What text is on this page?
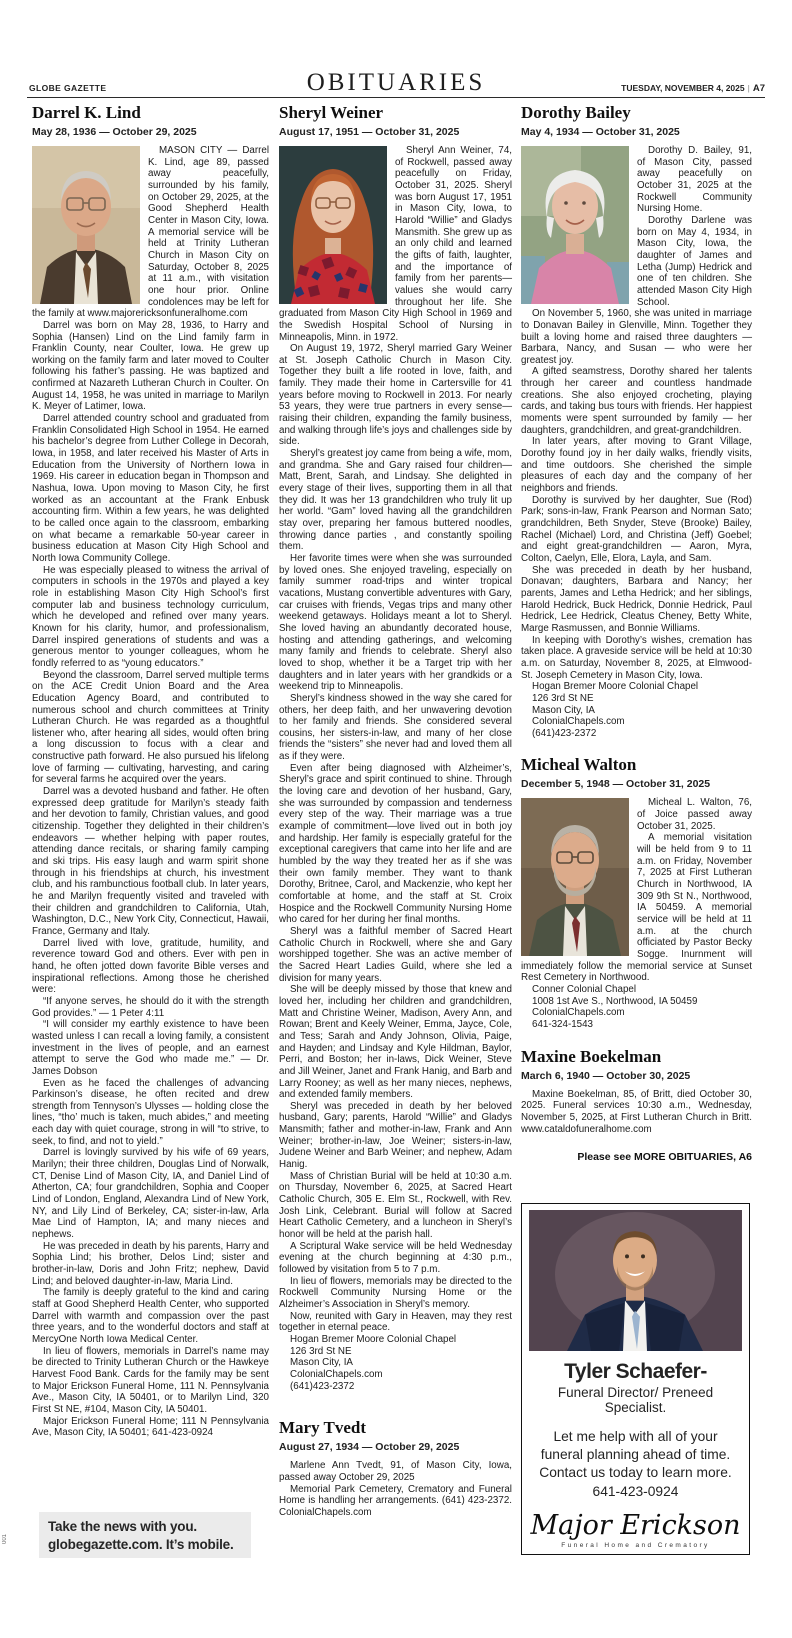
GLOBE GAZETTE	OBITUARIES	TUESDAY, NOVEMBER 4, 2025 | A7
Darrel K. Lind
May 28, 1936 — October 29, 2025

MASON CITY — Darrel K. Lind, age 89, passed away peacefully, surrounded by his family, on October 29, 2025, at the Good Shepherd Health Center in Mason City, Iowa. A memorial service will be held at Trinity Lutheran Church in Mason City on Saturday, October 8, 2025 at 11 a.m., with visitation one hour prior. Online condolences may be left for the family at www.majorericksonfuneralhome.com

Darrel was born on May 28, 1936, to Harry and Sophia (Hansen) Lind on the Lind family farm in Franklin County, near Coulter, Iowa. He grew up working on the family farm and later moved to Coulter following his father’s passing. He was baptized and confirmed at Nazareth Lutheran Church in Coulter. On August 14, 1958, he was united in marriage to Marilyn K. Meyer of Latimer, Iowa.

Darrel attended country school and graduated from Franklin Consolidated High School in 1954. He earned his bachelor’s degree from Luther College in Decorah, Iowa, in 1958, and later received his Master of Arts in Education from the University of Northern Iowa in 1969. His career in education began in Thompson and Nashua, Iowa. Upon moving to Mason City, he first worked as an accountant at the Frank Enbusk accounting firm. Within a few years, he was delighted to be called once again to the classroom, embarking on what became a remarkable 50-year career in business education at Mason City High School and North Iowa Community College.

He was especially pleased to witness the arrival of computers in schools in the 1970s and played a key role in establishing Mason City High School’s first computer lab and business technology curriculum, which he developed and refined over many years. Known for his clarity, humor, and professionalism, Darrel inspired generations of students and was a generous mentor to younger colleagues, whom he fondly referred to as “young educators.”

Beyond the classroom, Darrel served multiple terms on the ACE Credit Union Board and the Area Education Agency Board, and contributed to numerous school and church committees at Trinity Lutheran Church. He was regarded as a thoughtful listener who, after hearing all sides, would often bring a long discussion to focus with a clear and constructive path forward. He also pursued his lifelong love of farming — cultivating, harvesting, and caring for several farms he acquired over the years.

Darrel was a devoted husband and father. He often expressed deep gratitude for Marilyn’s steady faith and her devotion to family, Christian values, and good citizenship. Together they delighted in their children’s endeavors — whether helping with paper routes, attending dance recitals, or sharing family camping and ski trips. His easy laugh and warm spirit shone through in his friendships at church, his investment club, and his rambunctious football club. In later years, he and Marilyn frequently visited and traveled with their children and grandchildren to California, Utah, Washington, D.C., New York City, Connecticut, Hawaii, France, Germany and Italy.

Darrel lived with love, gratitude, humility, and reverence toward God and others. Ever with pen in hand, he often jotted down favorite Bible verses and inspirational reflections. Among those he cherished were:

“If anyone serves, he should do it with the strength God provides.” — 1 Peter 4:11

“I will consider my earthly existence to have been wasted unless I can recall a loving family, a consistent investment in the lives of people, and an earnest attempt to serve the God who made me.” — Dr. James Dobson

Even as he faced the challenges of advancing Parkinson’s disease, he often recited and drew strength from Tennyson’s Ulysses — holding close the lines, “tho’ much is taken, much abides,” and meeting each day with quiet courage, strong in will “to strive, to seek, to find, and not to yield.”

Darrel is lovingly survived by his wife of 69 years, Marilyn; their three children, Douglas Lind of Norwalk, CT, Denise Lind of Mason City, IA, and Daniel Lind of Atherton, CA; four grandchildren, Sophia and Cooper Lind of London, England, Alexandra Lind of New York, NY, and Lily Lind of Berkeley, CA; sister-in-law, Arla Mae Lind of Hampton, IA; and many nieces and nephews.

He was preceded in death by his parents, Harry and Sophia Lind; his brother, Delos Lind; sister and brother-in-law, Doris and John Fritz; nephew, David Lind; and beloved daughter-in-law, Maria Lind.

The family is deeply grateful to the kind and caring staff at Good Shepherd Health Center, who supported Darrel with warmth and compassion over the past three years, and to the wonderful doctors and staff at MercyOne North Iowa Medical Center.

In lieu of flowers, memorials in Darrel’s name may be directed to Trinity Lutheran Church or the Hawkeye Harvest Food Bank. Cards for the family may be sent to Major Erickson Funeral Home, 111 N. Pennsylvania Ave., Mason City, IA 50401, or to Marilyn Lind, 320 First St NE, #104, Mason City, IA 50401.

Major Erickson Funeral Home; 111 N Pennsylvania Ave, Mason City, IA 50401; 641-423-0924

Sheryl Weiner
August 17, 1951 — October 31, 2025

Sheryl Ann Weiner, 74, of Rockwell, passed away peacefully on Friday, October 31, 2025. Sheryl was born August 17, 1951 in Mason City, Iowa, to Harold “Willie” and Gladys Mansmith. She grew up as an only child and learned the gifts of faith, laughter, and the importance of family from her parents—values she would carry throughout her life. She graduated from Mason City High School in 1969 and the Swedish Hospital School of Nursing in Minneapolis, Minn. in 1972.

On August 19, 1972, Sheryl married Gary Weiner at St. Joseph Catholic Church in Mason City. Together they built a life rooted in love, faith, and family. They made their home in Cartersville for 41 years before moving to Rockwell in 2013. For nearly 53 years, they were true partners in every sense—raising their children, expanding the family business, and walking through life’s joys and challenges side by side.

Sheryl’s greatest joy came from being a wife, mom, and grandma. She and Gary raised four children— Matt, Brent, Sarah, and Lindsay. She delighted in every stage of their lives, supporting them in all that they did. It was her 13 grandchildren who truly lit up her world. “Gam” loved having all the grandchildren stay over, preparing her famous buttered noodles, throwing dance parties , and constantly spoiling them.

Her favorite times were when she was surrounded by loved ones. She enjoyed traveling, especially on family summer road-trips and winter tropical vacations, Mustang convertible adventures with Gary, car cruises with friends, Vegas trips and many other weekend getaways. Holidays meant a lot to Sheryl. She loved having an abundantly decorated house, hosting and attending gatherings, and welcoming many family and friends to celebrate. Sheryl also loved to shop, whether it be a Target trip with her daughters and in later years with her grandkids or a weekend trip to Minneapolis.

Sheryl’s kindness showed in the way she cared for others, her deep faith, and her unwavering devotion to her family and friends. She considered several cousins, her sisters-in-law, and many of her close friends the “sisters” she never had and loved them all as if they were.

Even after being diagnosed with Alzheimer’s, Sheryl’s grace and spirit continued to shine. Through the loving care and devotion of her husband, Gary, she was surrounded by compassion and tenderness every step of the way. Their marriage was a true example of commitment—love lived out in both joy and hardship. Her family is especially grateful for the exceptional caregivers that came into her life and are humbled by the way they treated her as if she was their own family member. They want to thank Dorothy, Britnee, Carol, and Mackenzie, who kept her comfortable at home, and the staff at St. Croix Hospice and the Rockwell Community Nursing Home who cared for her during her final months.

Sheryl was a faithful member of Sacred Heart Catholic Church in Rockwell, where she and Gary worshipped together. She was an active member of the Sacred Heart Ladies Guild, where she led a division for many years.

She will be deeply missed by those that knew and loved her, including her children and grandchildren, Matt and Christine Weiner, Madison, Avery Ann, and Rowan; Brent and Keely Weiner, Emma, Jayce, Cole, and Tess; Sarah and Andy Johnson, Olivia, Paige, and Hayden; and Lindsay and Kyle Hildman, Baylor, Perri, and Boston; her in-laws, Dick Weiner, Steve and Jill Weiner, Janet and Frank Hanig, and Barb and Larry Rooney; as well as her many nieces, nephews, and extended family members.

Sheryl was preceded in death by her beloved husband, Gary; parents, Harold “Willie” and Gladys Mansmith; father and mother-in-law, Frank and Ann Weiner; brother-in-law, Joe Weiner; sisters-in-law, Judene Weiner and Barb Weiner; and nephew, Adam Hanig.

Mass of Christian Burial will be held at 10:30 a.m. on Thursday, November 6, 2025, at Sacred Heart Catholic Church, 305 E. Elm St., Rockwell, with Rev. Josh Link, Celebrant. Burial will follow at Sacred Heart Catholic Cemetery, and a luncheon in Sheryl’s honor will be held at the parish hall.

A Scriptural Wake service will be held Wednesday evening at the church beginning at 4:30 p.m., followed by visitation from 5 to 7 p.m.

In lieu of flowers, memorials may be directed to the Rockwell Community Nursing Home or the Alzheimer’s Association in Sheryl’s memory.

Now, reunited with Gary in Heaven, may they rest together in eternal peace.

Hogan Bremer Moore Colonial Chapel

126 3rd St NE

Mason City, IA

ColonialChapels.com

(641)423-2372

Mary Tvedt
August 27, 1934 — October 29, 2025

Marlene Ann Tvedt, 91, of Mason City, Iowa, passed away October 29, 2025

Memorial Park Cemetery, Crematory and Funeral Home is handling her arrangements. (641) 423-2372. ColonialChapels.com

Dorothy Bailey
May 4, 1934 — October 31, 2025

Dorothy D. Bailey, 91, of Mason City, passed away peacefully on October 31, 2025 at the Rockwell Community Nursing Home.

Dorothy Darlene was born on May 4, 1934, in Mason City, Iowa, the daughter of James and Letha (Jump) Hedrick and one of ten children. She attended Mason City High School.

On November 5, 1960, she was united in marriage to Donavan Bailey in Glenville, Minn. Together they built a loving home and raised three daughters — Barbara, Nancy, and Susan — who were her greatest joy.

A gifted seamstress, Dorothy shared her talents through her career and countless handmade creations. She also enjoyed crocheting, playing cards, and taking bus tours with friends. Her happiest moments were spent surrounded by family — her daughters, grandchildren, and great-grandchildren.

In later years, after moving to Grant Village, Dorothy found joy in her daily walks, friendly visits, and time outdoors. She cherished the simple pleasures of each day and the company of her neighbors and friends.

Dorothy is survived by her daughter, Sue (Rod) Park; sons-in-law, Frank Pearson and Norman Sato; grandchildren, Beth Snyder, Steve (Brooke) Bailey, Rachel (Michael) Lord, and Christina (Jeff) Goebel; and eight great-grandchildren — Aaron, Myra, Colton, Caelyn, Elle, Elora, Layla, and Sam.

She was preceded in death by her husband, Donavan; daughters, Barbara and Nancy; her parents, James and Letha Hedrick; and her siblings, Harold Hedrick, Buck Hedrick, Donnie Hedrick, Paul Hedrick, Lee Hedrick, Cleatus Cheney, Betty White, Marge Rasmussen, and Bonnie Williams.

In keeping with Dorothy’s wishes, cremation has taken place. A graveside service will be held at 10:30 a.m. on Saturday, November 8, 2025, at Elmwood-St. Joseph Cemetery in Mason City, Iowa.

Hogan Bremer Moore Colonial Chapel

126 3rd St NE

Mason City, IA

ColonialChapels.com

(641)423-2372

Micheal Walton
December 5, 1948 — October 31, 2025

Micheal L. Walton, 76, of Joice passed away October 31, 2025.

A memorial visitation will be held from 9 to 11 a.m. on Friday, November 7, 2025 at First Lutheran Church in Northwood, IA 309 9th St N., Northwood, IA 50459. A memorial service will be held at 11 a.m. at the church officiated by Pastor Becky Sogge. Inurnment will immediately follow the memorial service at Sunset Rest Cemetery in Northwood.

Conner Colonial Chapel

1008 1st Ave S., Northwood, IA 50459

ColonialChapels.com

641-324-1543

Maxine Boekelman
March 6, 1940 — October 30, 2025

Maxine Boekelman, 85, of Britt, died October 30, 2025. Funeral services 10:30 a.m., Wednesday, November 5, 2025, at First Lutheran Church in Britt. www.cataldofuneralhome.com

Please see MORE OBITUARIES, A6
Tyler Schaefer-
Funeral Director/ Preneed Specialist.
Let me help with all of your funeral planning ahead of time. Contact us today to learn more. 641-423-0924
Major Erickson
Funeral Home and Crematory
Take the news with you.
globegazette.com. It’s mobile.
001
